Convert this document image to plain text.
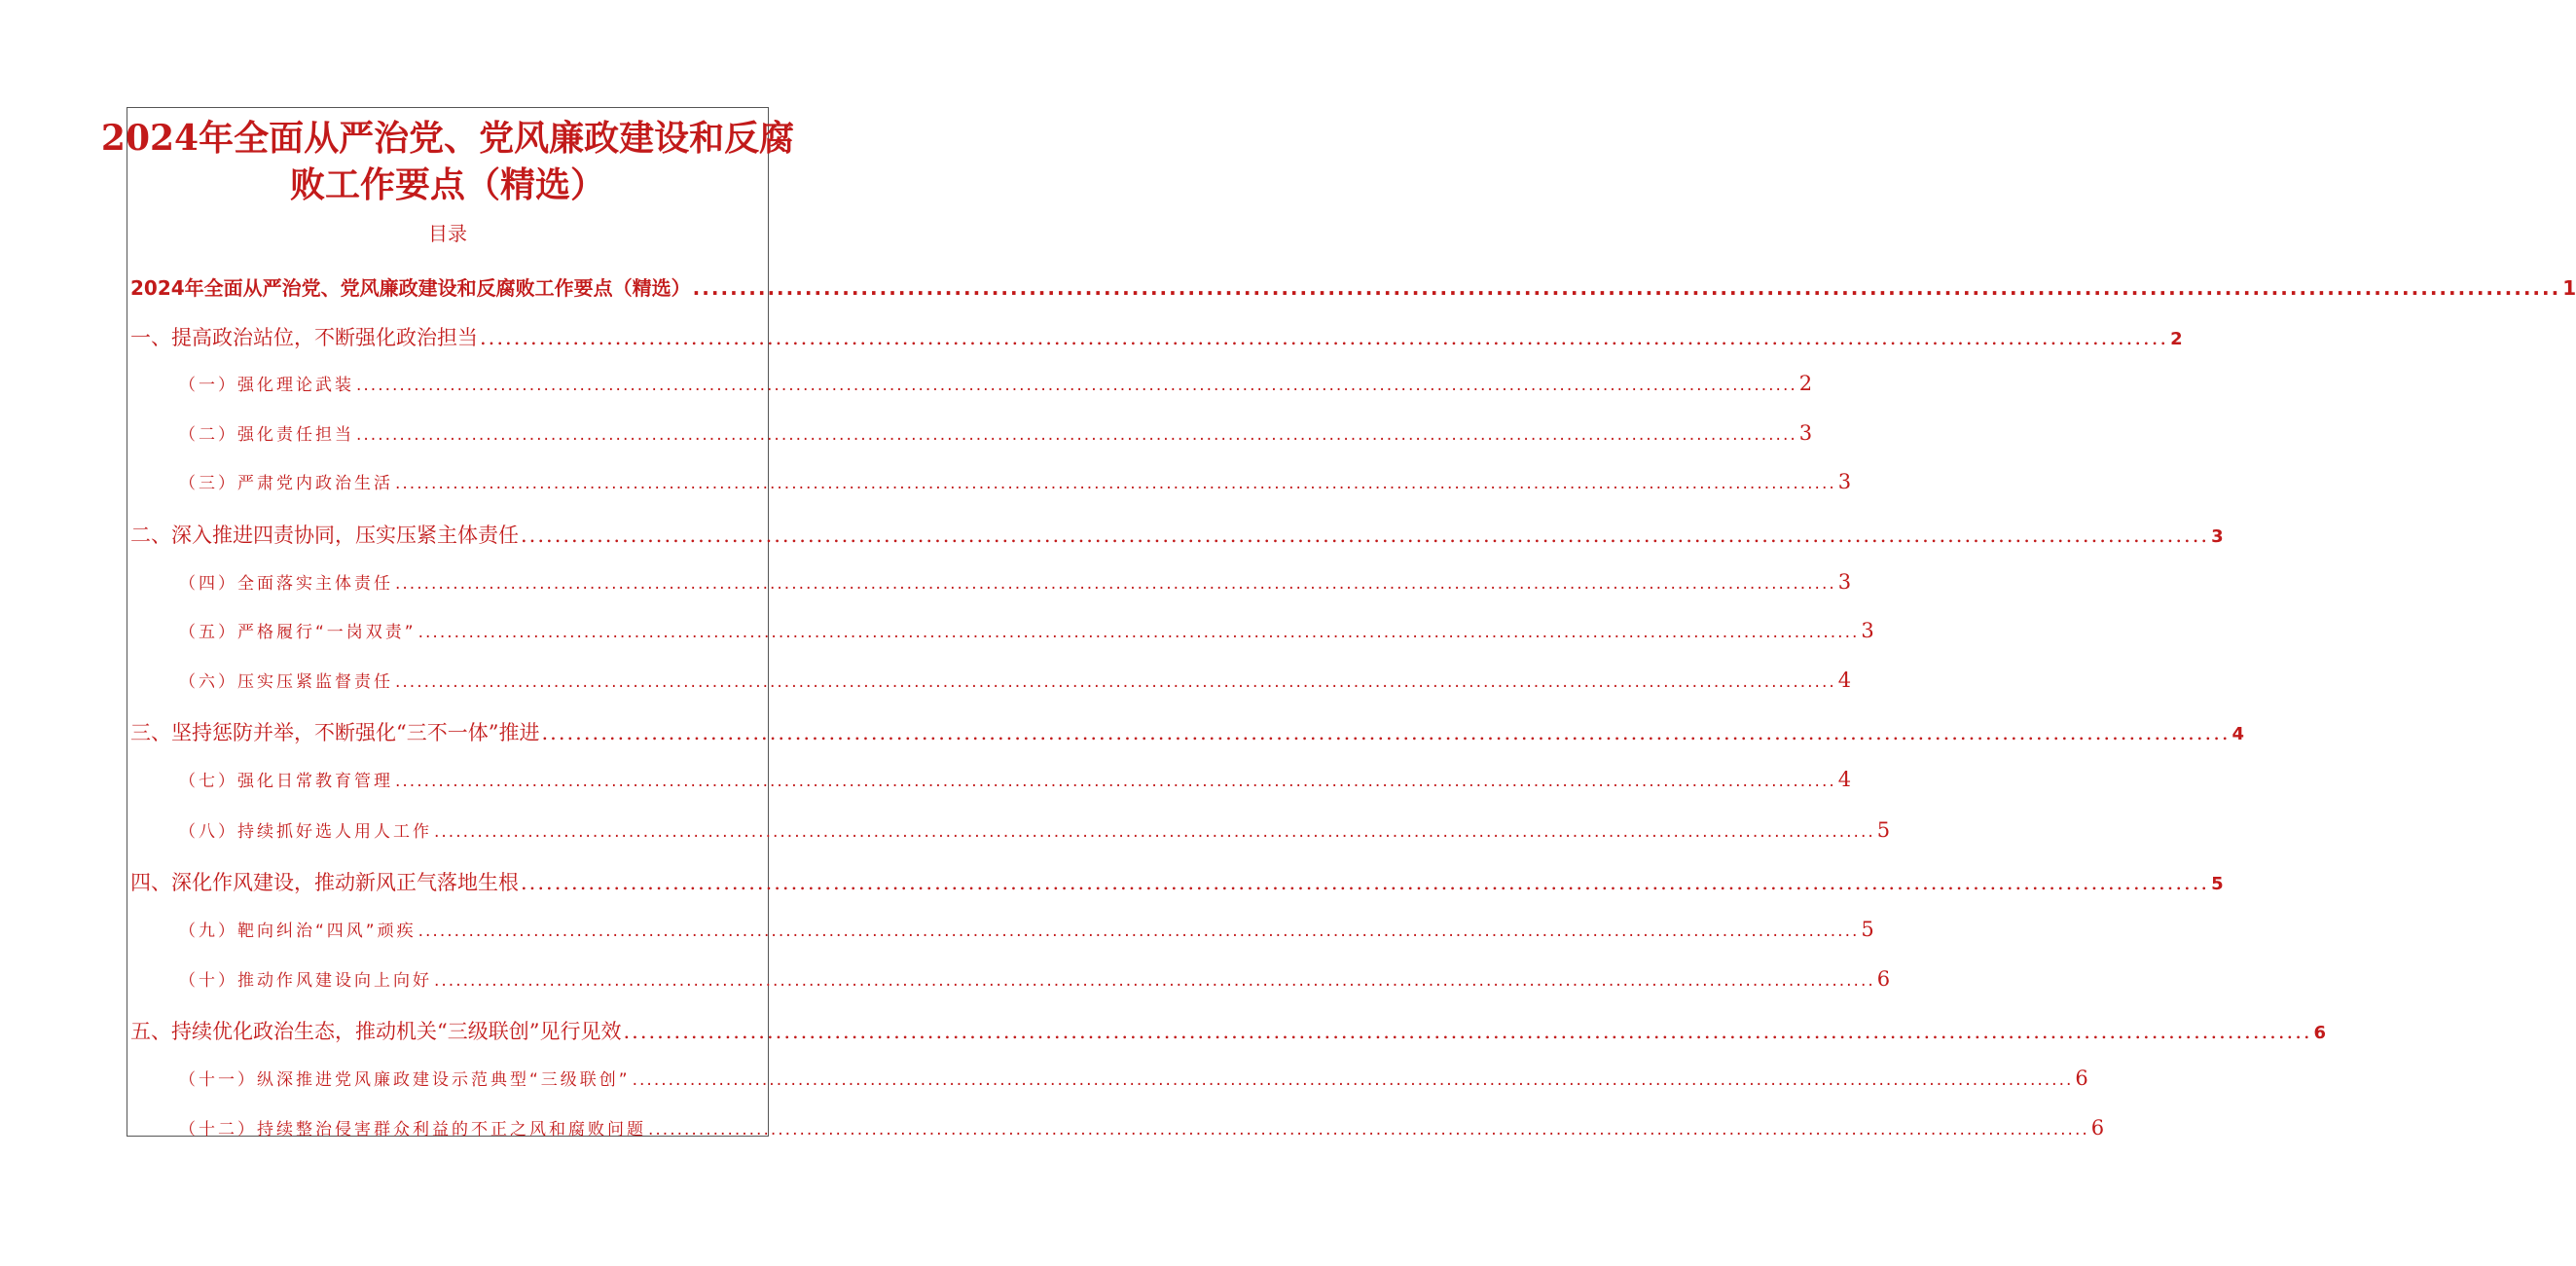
2024年全面从严治党、党风廉政建设和反腐
败工作要点（精选）
目录
2024年全面从严治党、党风廉政建设和反腐败工作要点（精选） ........................................................................................................................................................................................................ 1
一、提高政治站位，不断强化政治担当 ........................................................................................................................................................................................................ 2
（一）强化理论武装 ........................................................................................................................................................................................................ 2
（二）强化责任担当 ........................................................................................................................................................................................................ 3
（三）严肃党内政治生活 ........................................................................................................................................................................................................ 3
二、深入推进四责协同，压实压紧主体责任 ........................................................................................................................................................................................................ 3
（四）全面落实主体责任 ........................................................................................................................................................................................................ 3
（五）严格履行“一岗双责” ........................................................................................................................................................................................................ 3
（六）压实压紧监督责任 ........................................................................................................................................................................................................ 4
三、坚持惩防并举，不断强化“三不一体”推进 ........................................................................................................................................................................................................ 4
（七）强化日常教育管理 ........................................................................................................................................................................................................ 4
（八）持续抓好选人用人工作 ........................................................................................................................................................................................................ 5
四、深化作风建设，推动新风正气落地生根 ........................................................................................................................................................................................................ 5
（九）靶向纠治“四风”顽疾 ........................................................................................................................................................................................................ 5
（十）推动作风建设向上向好 ........................................................................................................................................................................................................ 6
五、持续优化政治生态，推动机关“三级联创”见行见效 ........................................................................................................................................................................................................ 6
（十一）纵深推进党风廉政建设示范典型“三级联创” ........................................................................................................................................................................................................ 6
（十二）持续整治侵害群众利益的不正之风和腐败问题 ........................................................................................................................................................................................................ 6
